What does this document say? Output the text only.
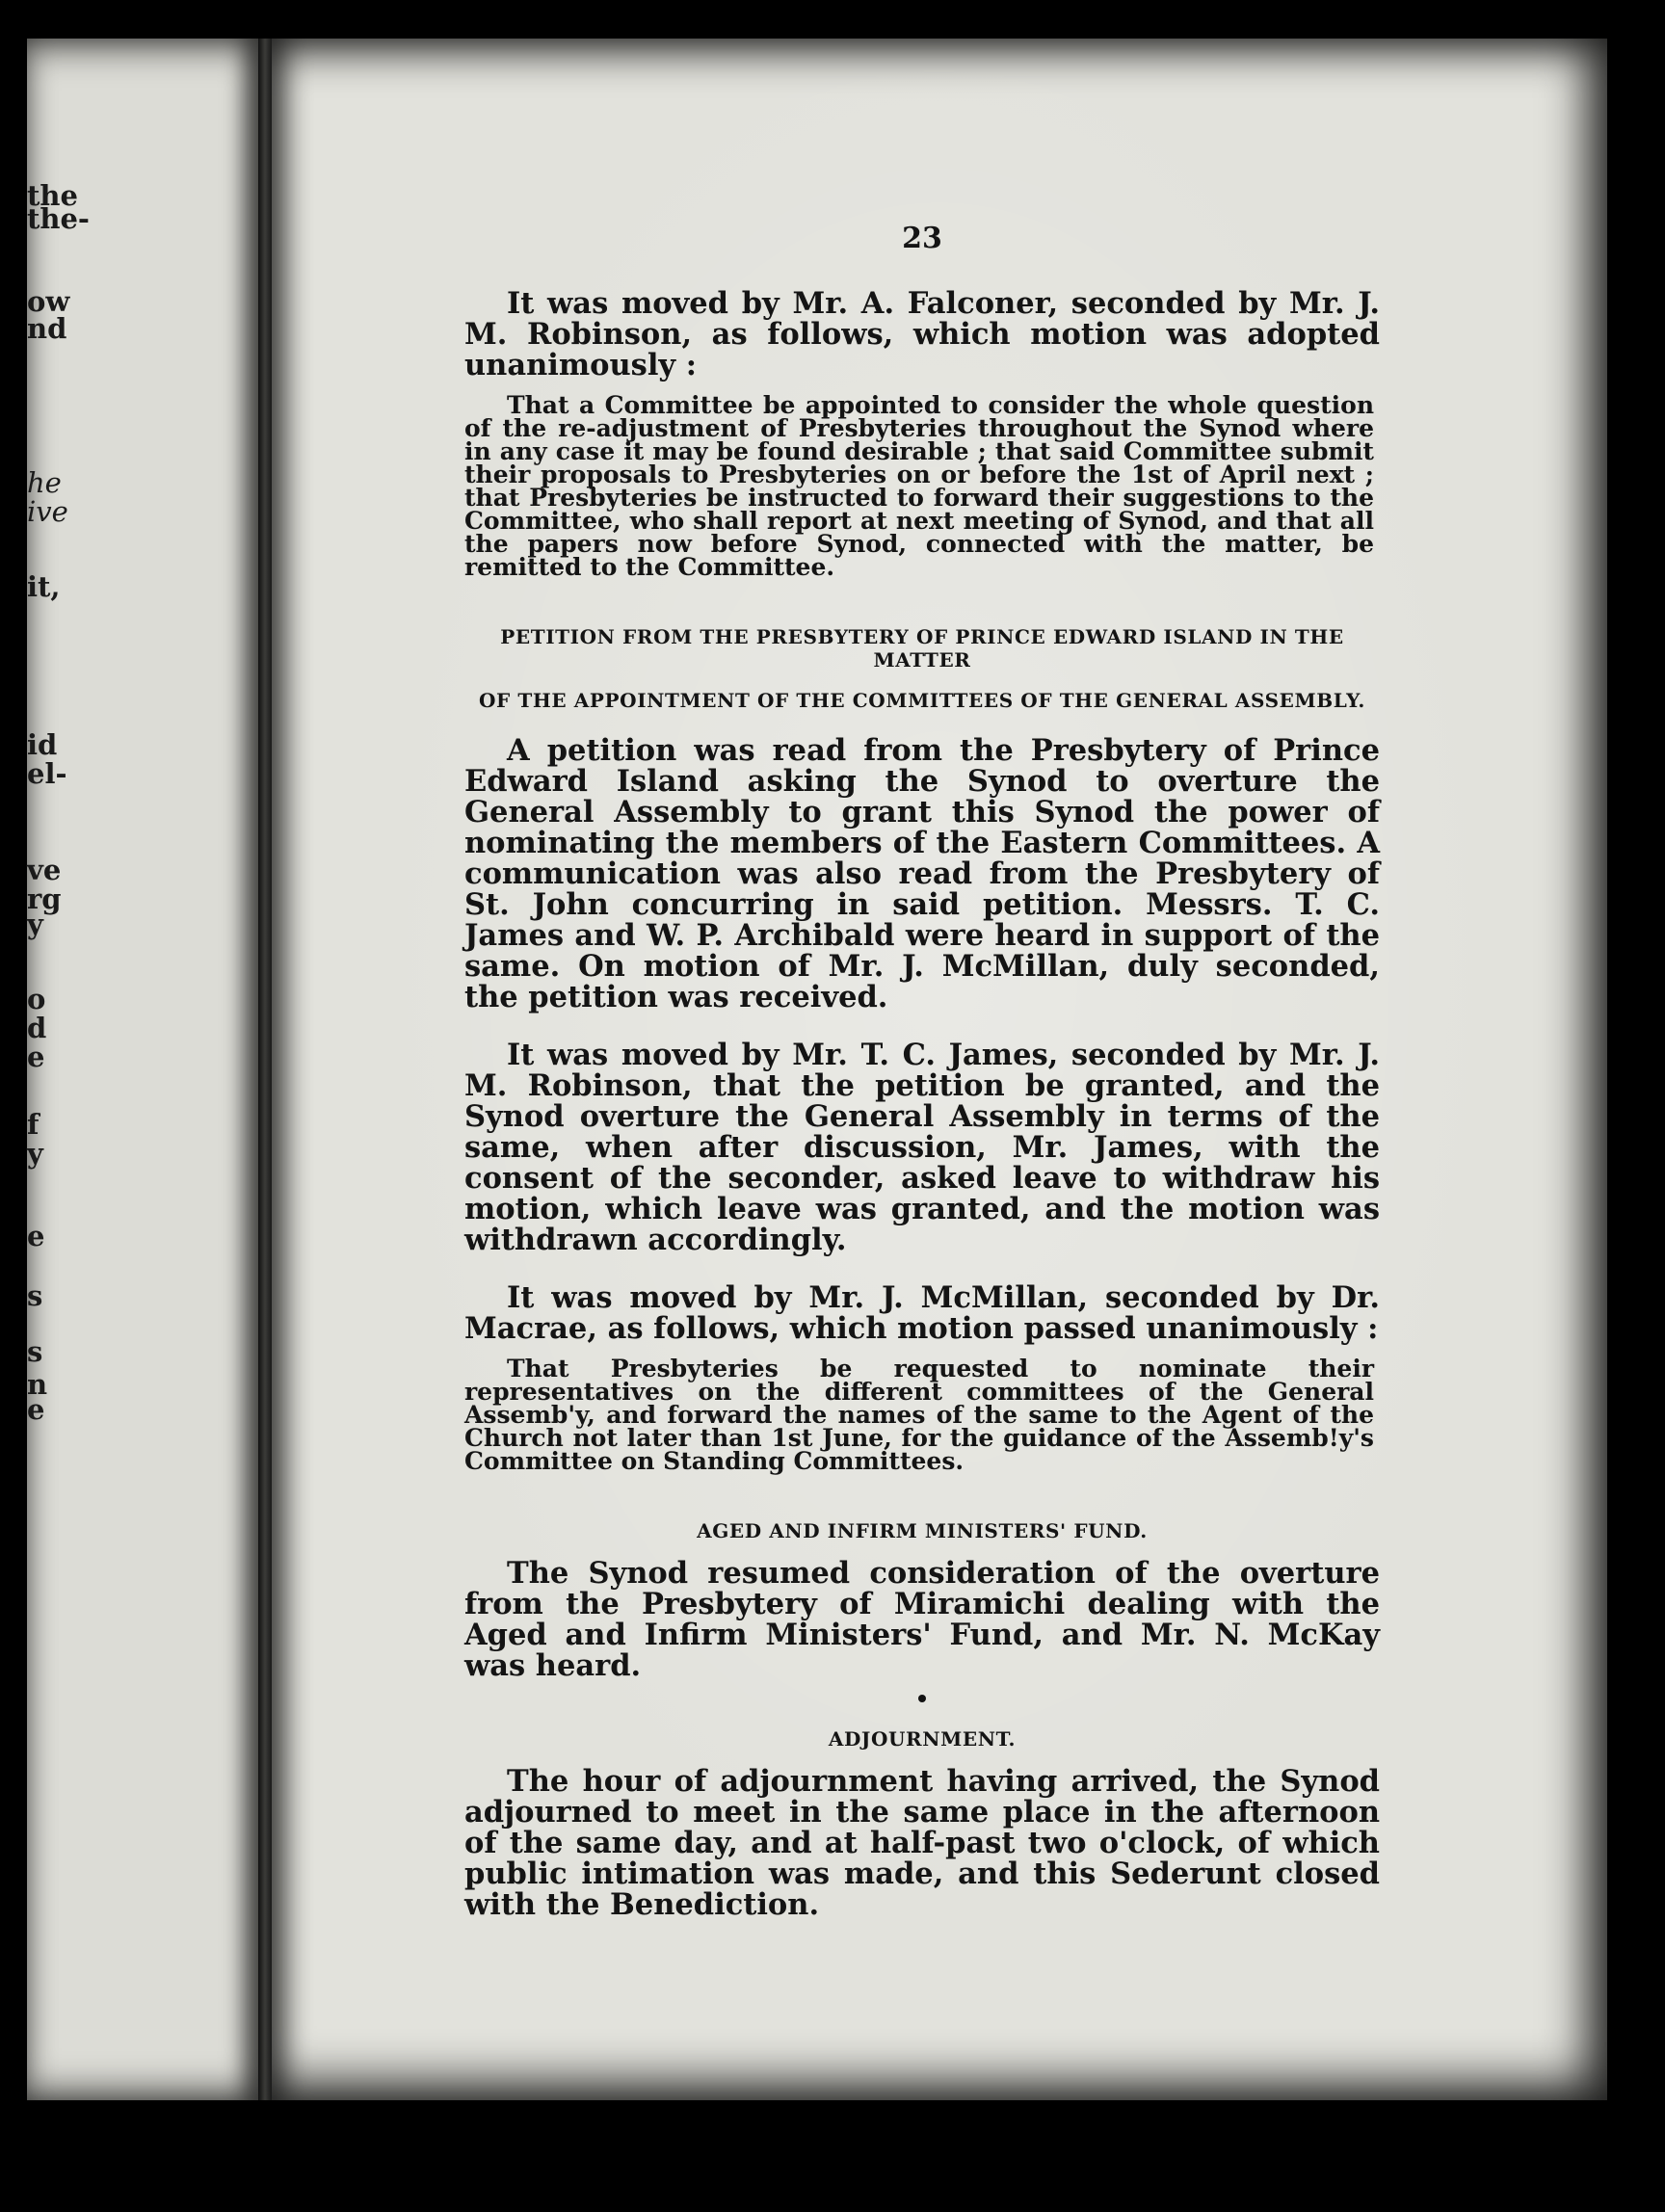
the
the-
ow
nd
he
ive
it,
id
el-
ve
rg
y
o
d
e
f
y
e
s
s
n
e
23

It was moved by Mr. A. Falconer, seconded by Mr. J. M. Robinson, as follows, which motion was adopted unanimously :

That a Committee be appointed to consider the whole question of the re-adjustment of Presbyteries throughout the Synod where in any case it may be found desirable ; that said Committee submit their proposals to Presbyteries on or before the 1st of April next ; that Presbyteries be instructed to forward their suggestions to the Committee, who shall report at next meeting of Synod, and that all the papers now before Synod, connected with the matter, be remitted to the Committee.

PETITION FROM THE PRESBYTERY OF PRINCE EDWARD ISLAND IN THE MATTER
OF THE APPOINTMENT OF THE COMMITTEES OF THE GENERAL ASSEMBLY.

A petition was read from the Presbytery of Prince Edward Island asking the Synod to overture the General Assembly to grant this Synod the power of nominating the members of the Eastern Committees. A communication was also read from the Presbytery of St. John concurring in said petition. Messrs. T. C. James and W. P. Archibald were heard in support of the same. On motion of Mr. J. McMillan, duly seconded, the petition was received.

It was moved by Mr. T. C. James, seconded by Mr. J. M. Robinson, that the petition be granted, and the Synod overture the General Assembly in terms of the same, when after discussion, Mr. James, with the consent of the seconder, asked leave to withdraw his motion, which leave was granted, and the motion was withdrawn accordingly.

It was moved by Mr. J. McMillan, seconded by Dr. Macrae, as follows, which motion passed unanimously :

That Presbyteries be requested to nominate their representatives on the different committees of the General Assemb'y, and forward the names of the same to the Agent of the Church not later than 1st June, for the guidance of the Assemb!y's Committee on Standing Committees.

AGED AND INFIRM MINISTERS' FUND.

The Synod resumed consideration of the overture from the Presbytery of Miramichi dealing with the Aged and Infirm Ministers' Fund, and Mr. N. McKay was heard.

ADJOURNMENT.

The hour of adjournment having arrived, the Synod adjourned to meet in the same place in the afternoon of the same day, and at half-past two o'clock, of which public intimation was made, and this Sederunt closed with the Benediction.
